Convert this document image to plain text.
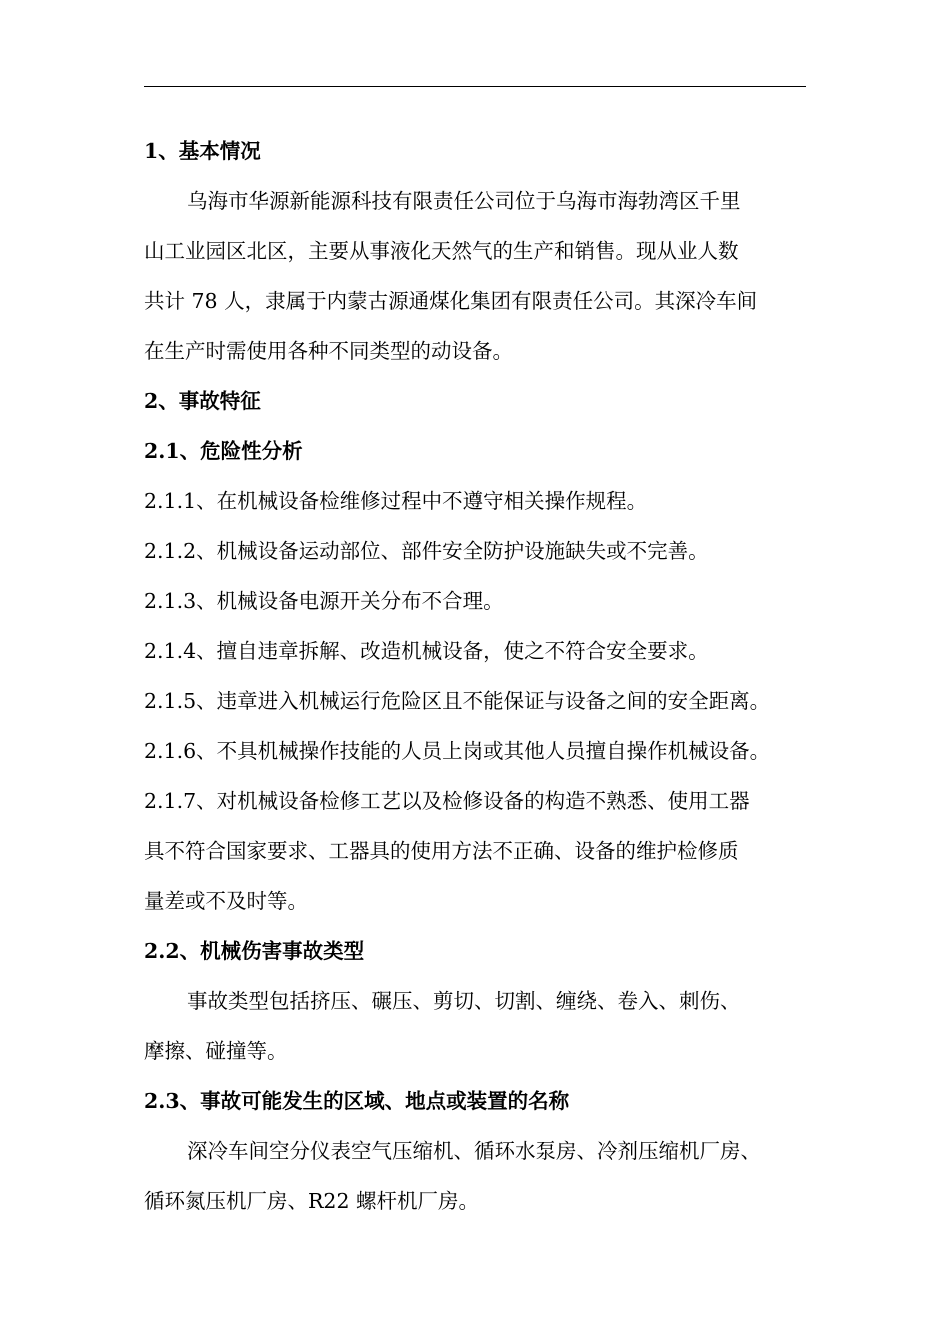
1、基本情况
乌海市华源新能源科技有限责任公司位于乌海市海勃湾区千里
山工业园区北区，主要从事液化天然气的生产和销售。现从业人数
共计 78 人，隶属于内蒙古源通煤化集团有限责任公司。其深冷车间
在生产时需使用各种不同类型的动设备。
2、事故特征
2.1、危险性分析
2.1.1、在机械设备检维修过程中不遵守相关操作规程。
2.1.2、机械设备运动部位、部件安全防护设施缺失或不完善。
2.1.3、机械设备电源开关分布不合理。
2.1.4、擅自违章拆解、改造机械设备，使之不符合安全要求。
2.1.5、违章进入机械运行危险区且不能保证与设备之间的安全距离。
2.1.6、不具机械操作技能的人员上岗或其他人员擅自操作机械设备。
2.1.7、对机械设备检修工艺以及检修设备的构造不熟悉、使用工器
具不符合国家要求、工器具的使用方法不正确、设备的维护检修质
量差或不及时等。
2.2、机械伤害事故类型
事故类型包括挤压、碾压、剪切、切割、缠绕、卷入、刺伤、
摩擦、碰撞等。
2.3、事故可能发生的区域、地点或装置的名称
深冷车间空分仪表空气压缩机、循环水泵房、冷剂压缩机厂房、
循环氮压机厂房、R22 螺杆机厂房。
